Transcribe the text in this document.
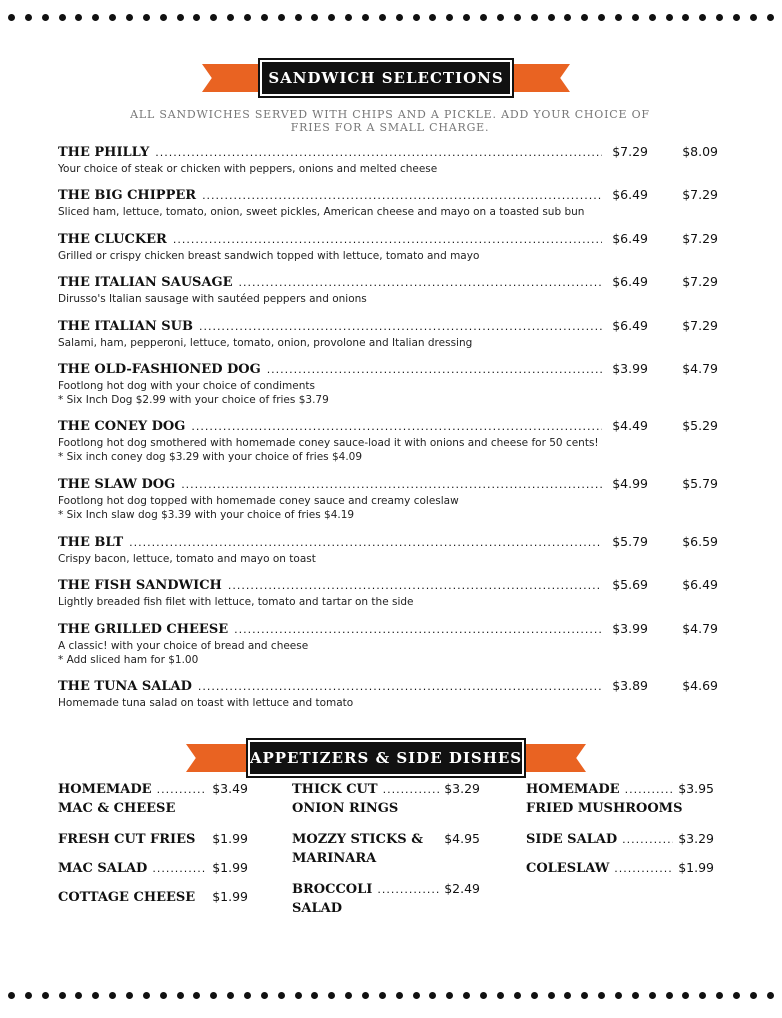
SANDWICH SELECTIONS
ALL SANDWICHES SERVED WITH CHIPS AND A PICKLE. ADD YOUR CHOICE OF
FRIES FOR A SMALL CHARGE.
THE PHILLY .....	$7.29	$8.09
Your choice of steak or chicken with peppers, onions and melted cheese
THE BIG CHIPPER .....	$6.49	$7.29
Sliced ham, lettuce, tomato, onion, sweet pickles, American cheese and mayo on a toasted sub bun
THE CLUCKER .....	$6.49	$7.29
Grilled or crispy chicken breast sandwich topped with lettuce, tomato and mayo
THE ITALIAN SAUSAGE .....	$6.49	$7.29
Dirusso's Italian sausage with sautéed peppers and onions
THE ITALIAN SUB .....	$6.49	$7.29
Salami, ham, pepperoni, lettuce, tomato, onion, provolone and Italian dressing
THE OLD-FASHIONED DOG .....	$3.99	$4.79
Footlong hot dog with your choice of condiments
* Six Inch Dog $2.99 with your choice of fries $3.79
THE CONEY DOG .....	$4.49	$5.29
Footlong hot dog smothered with homemade coney sauce-load it with onions and cheese for 50 cents!
* Six inch coney dog $3.29 with your choice of fries $4.09
THE SLAW DOG .....	$4.99	$5.79
Footlong hot dog topped with homemade coney sauce and creamy coleslaw
* Six Inch slaw dog $3.39 with your choice of fries $4.19
THE BLT .....	$5.79	$6.59
Crispy bacon, lettuce, tomato and mayo on toast
THE FISH SANDWICH .....	$5.69	$6.49
Lightly breaded fish filet with lettuce, tomato and tartar on the side
THE GRILLED CHEESE .....	$3.99	$4.79
A classic! with your choice of bread and cheese
* Add sliced ham for $1.00
THE TUNA SALAD .....	$3.89	$4.69
Homemade tuna salad on toast with lettuce and tomato
APPETIZERS & SIDE DISHES
HOMEMADE .....	$3.49
MAC & CHEESE
FRESH CUT FRIES $1.99
MAC SALAD .....	$1.99
COTTAGE CHEESE $1.99
THICK CUT .....	$3.29
ONION RINGS
MOZZY STICKS & $4.95
MARINARA
BROCCOLI .....	$2.49
SALAD
HOMEMADE .....	$3.95
FRIED MUSHROOMS
SIDE SALAD .....	$3.29
COLESLAW .....	$1.99
